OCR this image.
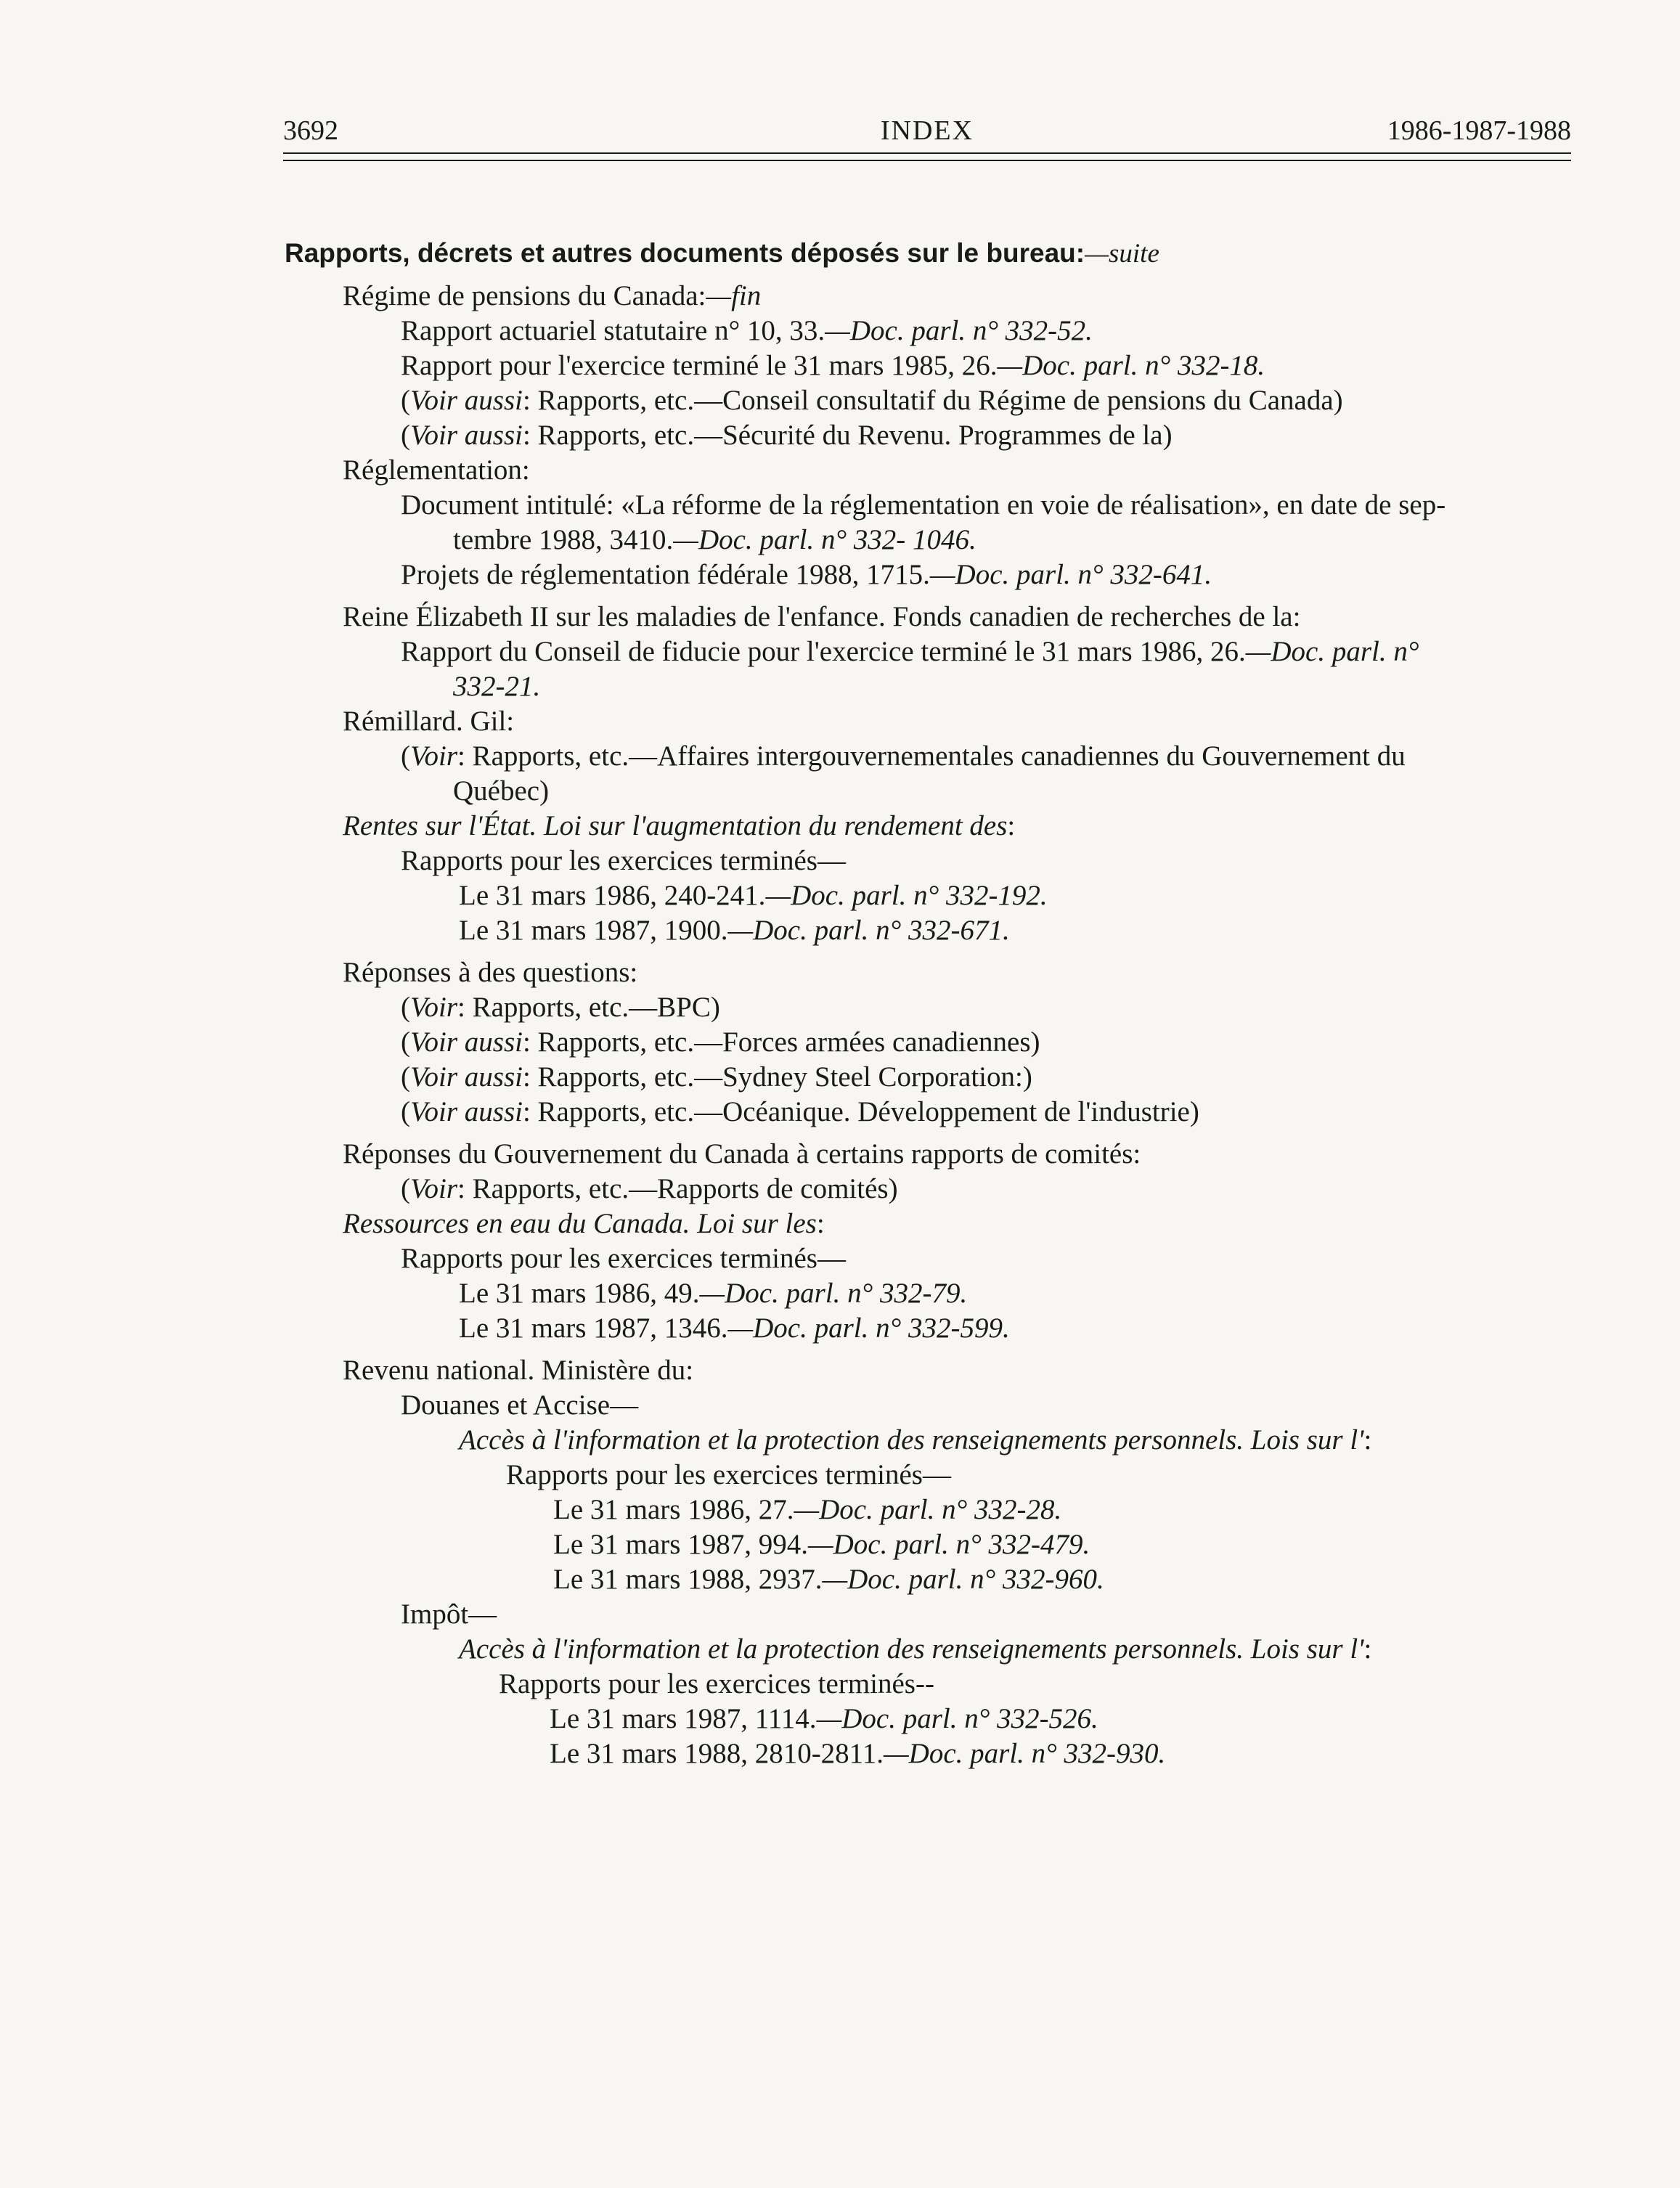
3692	INDEX	1986-1987-1988
Rapports, décrets et autres documents déposés sur le bureau:—suite
Régime de pensions du Canada:—fin
Rapport actuariel statutaire n° 10, 33.—Doc. parl. n° 332-52.
Rapport pour l'exercice terminé le 31 mars 1985, 26.—Doc. parl. n° 332-18.
(Voir aussi: Rapports, etc.—Conseil consultatif du Régime de pensions du Canada)
(Voir aussi: Rapports, etc.—Sécurité du Revenu. Programmes de la)
Réglementation:
Document intitulé: «La réforme de la réglementation en voie de réalisation», en date de sep-
tembre 1988, 3410.—Doc. parl. n° 332- 1046.
Projets de réglementation fédérale 1988, 1715.—Doc. parl. n° 332-641.
Reine Élizabeth II sur les maladies de l'enfance. Fonds canadien de recherches de la:
Rapport du Conseil de fiducie pour l'exercice terminé le 31 mars 1986, 26.—Doc. parl. n°
332-21.
Rémillard. Gil:
(Voir: Rapports, etc.—Affaires intergouvernementales canadiennes du Gouvernement du
Québec)
Rentes sur l'État. Loi sur l'augmentation du rendement des:
Rapports pour les exercices terminés—
Le 31 mars 1986, 240-241.—Doc. parl. n° 332-192.
Le 31 mars 1987, 1900.—Doc. parl. n° 332-671.
Réponses à des questions:
(Voir: Rapports, etc.—BPC)
(Voir aussi: Rapports, etc.—Forces armées canadiennes)
(Voir aussi: Rapports, etc.—Sydney Steel Corporation:)
(Voir aussi: Rapports, etc.—Océanique. Développement de l'industrie)
Réponses du Gouvernement du Canada à certains rapports de comités:
(Voir: Rapports, etc.—Rapports de comités)
Ressources en eau du Canada. Loi sur les:
Rapports pour les exercices terminés—
Le 31 mars 1986, 49.—Doc. parl. n° 332-79.
Le 31 mars 1987, 1346.—Doc. parl. n° 332-599.
Revenu national. Ministère du:
Douanes et Accise—
Accès à l'information et la protection des renseignements personnels. Lois sur l':
Rapports pour les exercices terminés—
Le 31 mars 1986, 27.—Doc. parl. n° 332-28.
Le 31 mars 1987, 994.—Doc. parl. n° 332-479.
Le 31 mars 1988, 2937.—Doc. parl. n° 332-960.
Impôt—
Accès à l'information et la protection des renseignements personnels. Lois sur l':
Rapports pour les exercices terminés--
Le 31 mars 1987, 1114.—Doc. parl. n° 332-526.
Le 31 mars 1988, 2810-2811.—Doc. parl. n° 332-930.
